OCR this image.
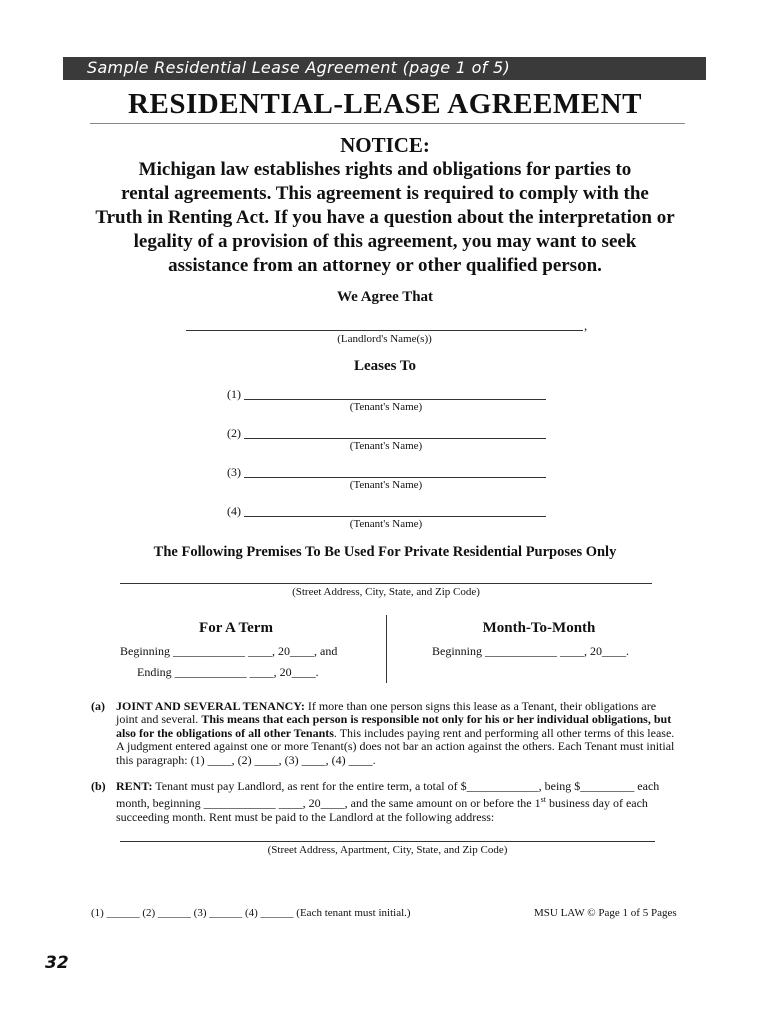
Sample Residential Lease Agreement (page 1 of 5)
RESIDENTIAL-LEASE AGREEMENT
NOTICE:
Michigan law establishes rights and obligations for parties to
rental agreements. This agreement is required to comply with the
Truth in Renting Act. If you have a question about the interpretation or
legality of a provision of this agreement, you may want to seek
assistance from an attorney or other qualified person.
We Agree That
,
(Landlord's Name(s))
Leases To
(1)
(Tenant's Name)
(2)
(Tenant's Name)
(3)
(Tenant's Name)
(4)
(Tenant's Name)
The Following Premises To Be Used For Private Residential Purposes Only
(Street Address, City, State, and Zip Code)
For A Term
Beginning ____________ ____, 20____, and
Ending ____________ ____, 20____.
Month-To-Month
Beginning ____________ ____, 20____.
(a) JOINT AND SEVERAL TENANCY: If more than one person signs this lease as a Tenant, their obligations are joint and several. This means that each person is responsible not only for his or her individual obligations, but also for the obligations of all other Tenants. This includes paying rent and performing all other terms of this lease. A judgment entered against one or more Tenant(s) does not bar an action against the others. Each Tenant must initial this paragraph: (1) ____, (2) ____, (3) ____, (4) ____.
(b) RENT: Tenant must pay Landlord, as rent for the entire term, a total of $____________, being $_________ each month, beginning ____________ ____, 20____, and the same amount on or before the 1st business day of each succeeding month. Rent must be paid to the Landlord at the following address:
(Street Address, Apartment, City, State, and Zip Code)
(1) ______ (2) ______ (3) ______ (4) ______ (Each tenant must initial.)	MSU LAW © Page 1 of 5 Pages
32
